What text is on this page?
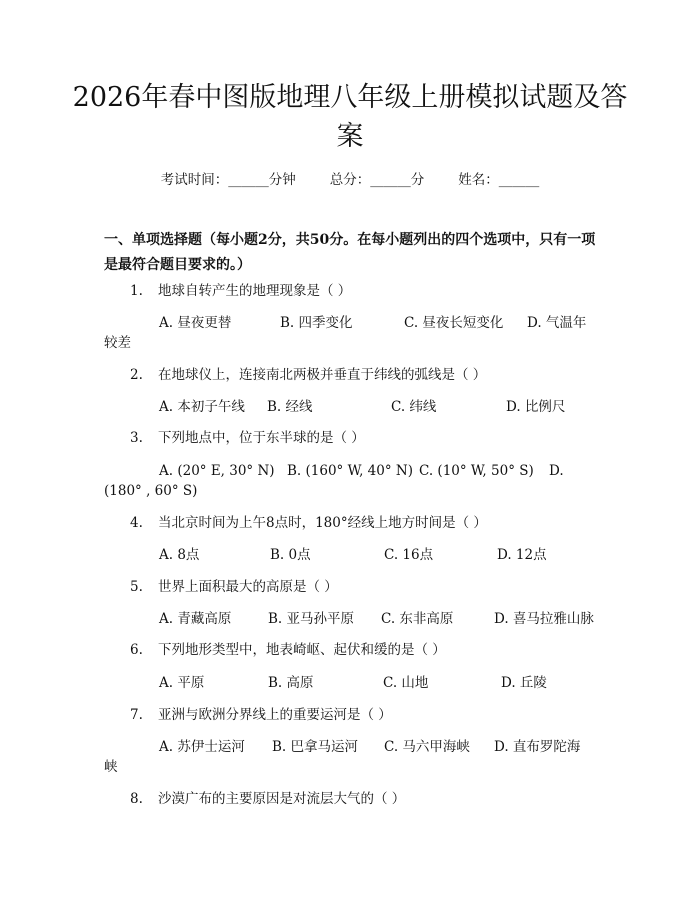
2026年春中图版地理八年级上册模拟试题及答案
考试时间：______分钟	总分：______分	姓名：______
一、单项选择题（每小题2分，共50分。在每小题列出的四个选项中，只有一项是最符合题目要求的。）
1. 地球自转产生的地理现象是（ ）
A. 昼夜更替	B. 四季变化	C. 昼夜长短变化 D. 气温年
较差
2. 在地球仪上，连接南北两极并垂直于纬线的弧线是（ ）
A. 本初子午线 B. 经线	C. 纬线	D. 比例尺
3. 下列地点中，位于东半球的是（ ）
A. (20° E, 30° N) B. (160° W, 40° N) C. (10° W, 50° S) D.
(180° , 60° S)
4. 当北京时间为上午8点时，180°经线上地方时间是（ ）
A. 8点	B. 0点	C. 16点	D. 12点
5. 世界上面积最大的高原是（ ）
A. 青藏高原	B. 亚马孙平原 C. 东非高原	D. 喜马拉雅山脉
6. 下列地形类型中，地表崎岖、起伏和缓的是（ ）
A. 平原	B. 高原	C. 山地	D. 丘陵
7. 亚洲与欧洲分界线上的重要运河是（ ）
A. 苏伊士运河 B. 巴拿马运河 C. 马六甲海峡 D. 直布罗陀海
峡
8. 沙漠广布的主要原因是对流层大气的（ ）
